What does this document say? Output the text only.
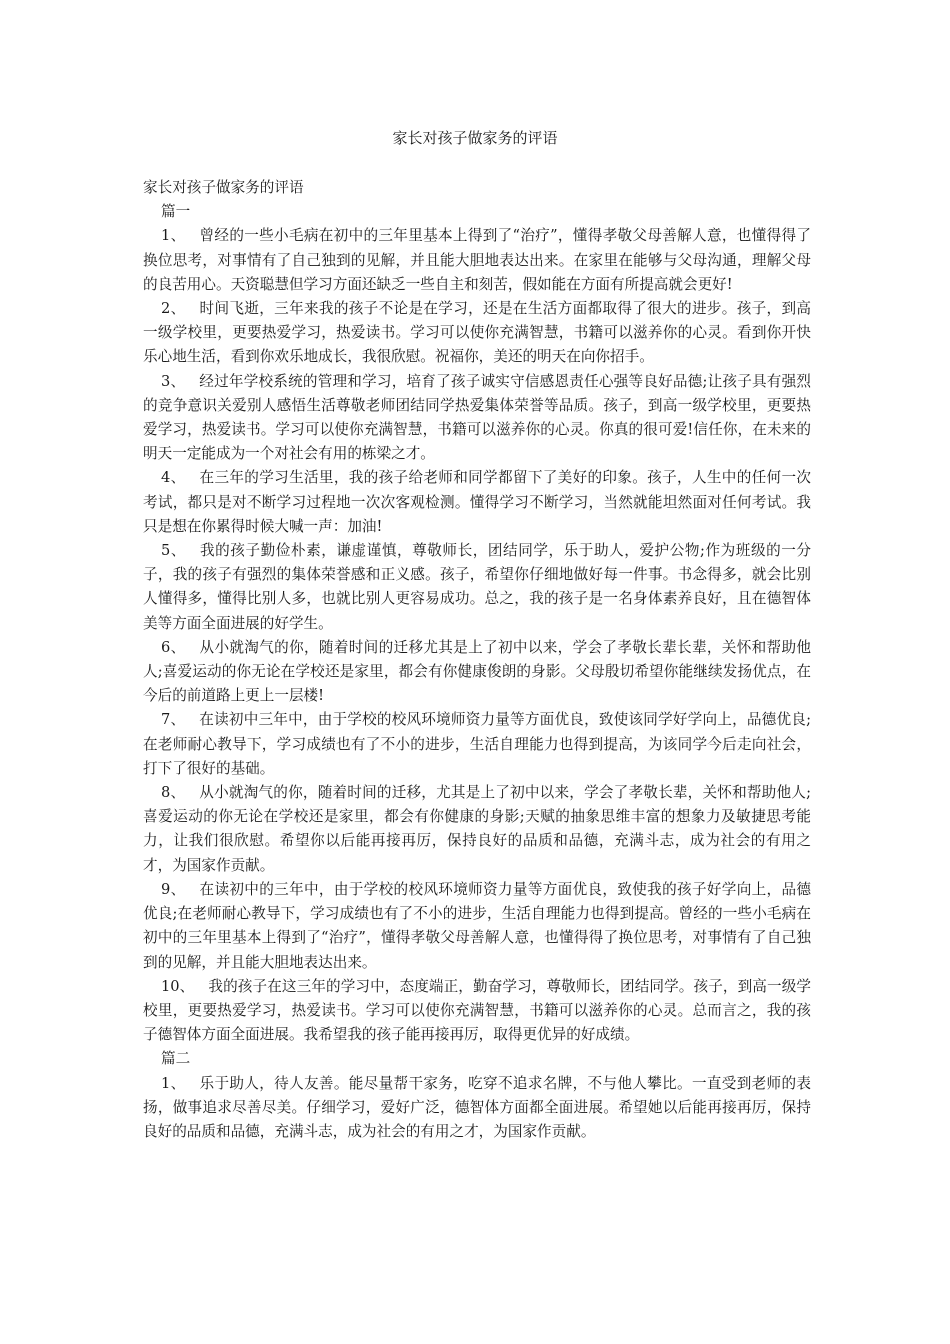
家长对孩子做家务的评语

家长对孩子做家务的评语

篇一

1、 曾经的一些小毛病在初中的三年里基本上得到了“治疗”，懂得孝敬父母善解人意，也懂得得了换位思考，对事情有了自己独到的见解，并且能大胆地表达出来。在家里在能够与父母沟通，理解父母的良苦用心。天资聪慧但学习方面还缺乏一些自主和刻苦，假如能在方面有所提高就会更好!

2、 时间飞逝，三年来我的孩子不论是在学习，还是在生活方面都取得了很大的进步。孩子，到高一级学校里，更要热爱学习，热爱读书。学习可以使你充满智慧，书籍可以滋养你的心灵。看到你开快乐心地生活，看到你欢乐地成长，我很欣慰。祝福你，美还的明天在向你招手。

3、 经过年学校系统的管理和学习，培育了孩子诚实守信感恩责任心强等良好品德;让孩子具有强烈的竞争意识关爱别人感悟生活尊敬老师团结同学热爱集体荣誉等品质。孩子，到高一级学校里，更要热爱学习，热爱读书。学习可以使你充满智慧，书籍可以滋养你的心灵。你真的很可爱!信任你，在未来的明天一定能成为一个对社会有用的栋梁之才。

4、 在三年的学习生活里，我的孩子给老师和同学都留下了美好的印象。孩子，人生中的任何一次考试，都只是对不断学习过程地一次次客观检测。懂得学习不断学习，当然就能坦然面对任何考试。我只是想在你累得时候大喊一声：加油!

5、 我的孩子勤俭朴素，谦虚谨慎，尊敬师长，团结同学，乐于助人，爱护公物;作为班级的一分子，我的孩子有强烈的集体荣誉感和正义感。孩子，希望你仔细地做好每一件事。书念得多，就会比别人懂得多，懂得比别人多，也就比别人更容易成功。总之，我的孩子是一名身体素养良好，且在德智体美等方面全面进展的好学生。

6、 从小就淘气的你，随着时间的迁移尤其是上了初中以来，学会了孝敬长辈长辈，关怀和帮助他人;喜爱运动的你无论在学校还是家里，都会有你健康俊朗的身影。父母殷切希望你能继续发扬优点，在今后的前道路上更上一层楼!

7、 在读初中三年中，由于学校的校风环境师资力量等方面优良，致使该同学好学向上，品德优良;在老师耐心教导下，学习成绩也有了不小的进步，生活自理能力也得到提高，为该同学今后走向社会，打下了很好的基础。

8、 从小就淘气的你，随着时间的迁移，尤其是上了初中以来，学会了孝敬长辈，关怀和帮助他人;喜爱运动的你无论在学校还是家里，都会有你健康的身影;天赋的抽象思维丰富的想象力及敏捷思考能力，让我们很欣慰。希望你以后能再接再厉，保持良好的品质和品德，充满斗志，成为社会的有用之才，为国家作贡献。

9、 在读初中的三年中，由于学校的校风环境师资力量等方面优良，致使我的孩子好学向上，品德优良;在老师耐心教导下，学习成绩也有了不小的进步，生活自理能力也得到提高。曾经的一些小毛病在初中的三年里基本上得到了“治疗”，懂得孝敬父母善解人意，也懂得得了换位思考，对事情有了自己独到的见解，并且能大胆地表达出来。

10、 我的孩子在这三年的学习中，态度端正，勤奋学习，尊敬师长，团结同学。孩子，到高一级学校里，更要热爱学习，热爱读书。学习可以使你充满智慧，书籍可以滋养你的心灵。总而言之，我的孩子德智体方面全面进展。我希望我的孩子能再接再厉，取得更优异的好成绩。

篇二

1、 乐于助人，待人友善。能尽量帮干家务，吃穿不追求名牌，不与他人攀比。一直受到老师的表扬，做事追求尽善尽美。仔细学习，爱好广泛，德智体方面都全面进展。希望她以后能再接再厉，保持良好的品质和品德，充满斗志，成为社会的有用之才，为国家作贡献。
